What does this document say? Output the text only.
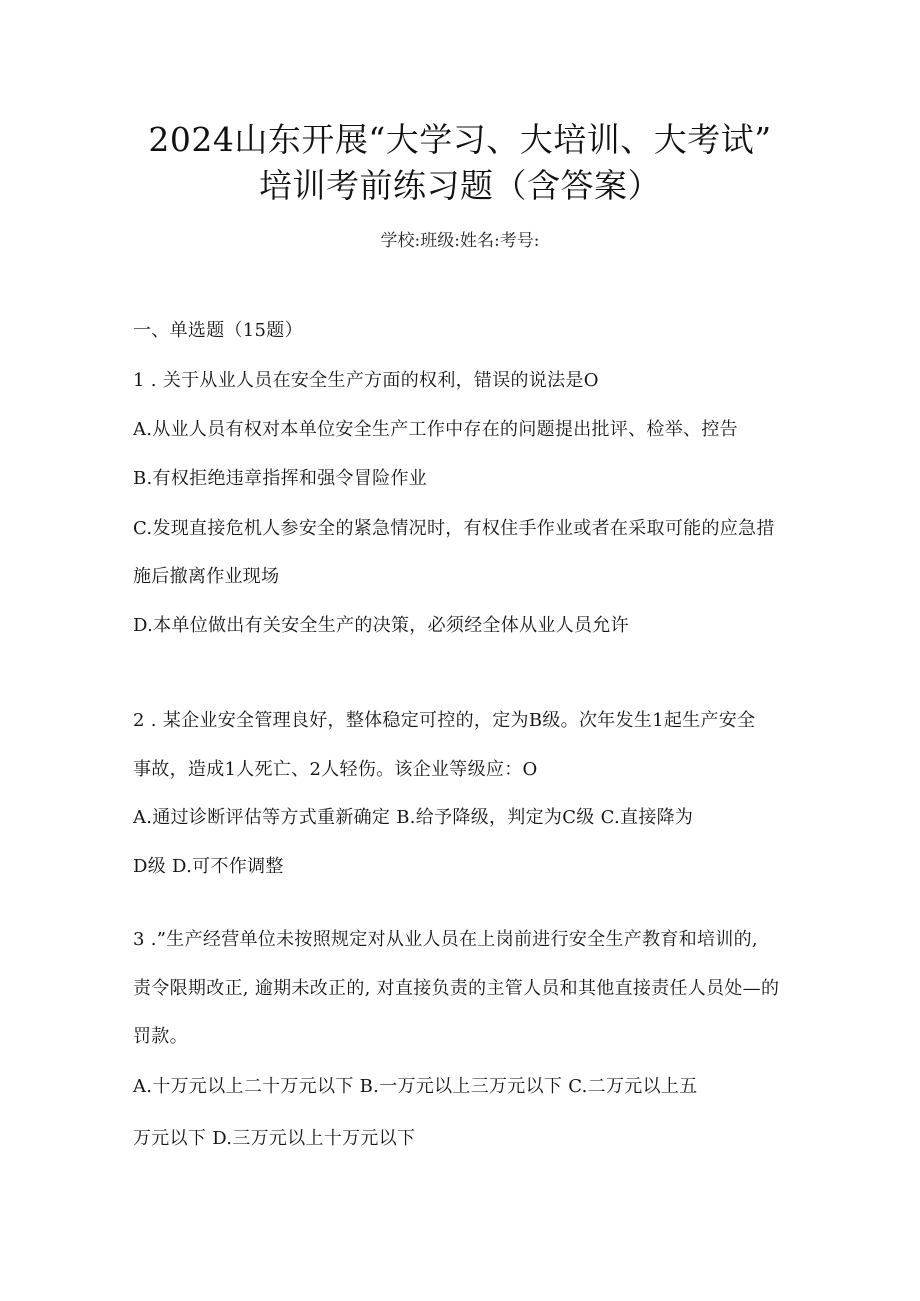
2024山东开展“大学习、大培训、大考试”
培训考前练习题（含答案）
学校:班级:姓名:考号:
一、单选题（15题）
1 . 关于从业人员在安全生产方面的权利，错误的说法是O
A.从业人员有权对本单位安全生产工作中存在的问题提出批评、检举、控告
B.有权拒绝违章指挥和强令冒险作业
C.发现直接危机人参安全的紧急情况时，有权住手作业或者在采取可能的应急措
施后撤离作业现场
D.本单位做出有关安全生产的决策，必须经全体从业人员允许
2 . 某企业安全管理良好，整体稳定可控的，定为B级。次年发生1起生产安全
事故，造成1人死亡、2人轻伤。该企业等级应：O
A.通过诊断评估等方式重新确定 B.给予降级，判定为C级 C.直接降为
D级 D.可不作调整
3 .”生产经营单位未按照规定对从业人员在上岗前进行安全生产教育和培训的,
责令限期改正, 逾期未改正的, 对直接负责的主管人员和其他直接责任人员处—的
罚款。
A.十万元以上二十万元以下 B.一万元以上三万元以下 C.二万元以上五
万元以下 D.三万元以上十万元以下
